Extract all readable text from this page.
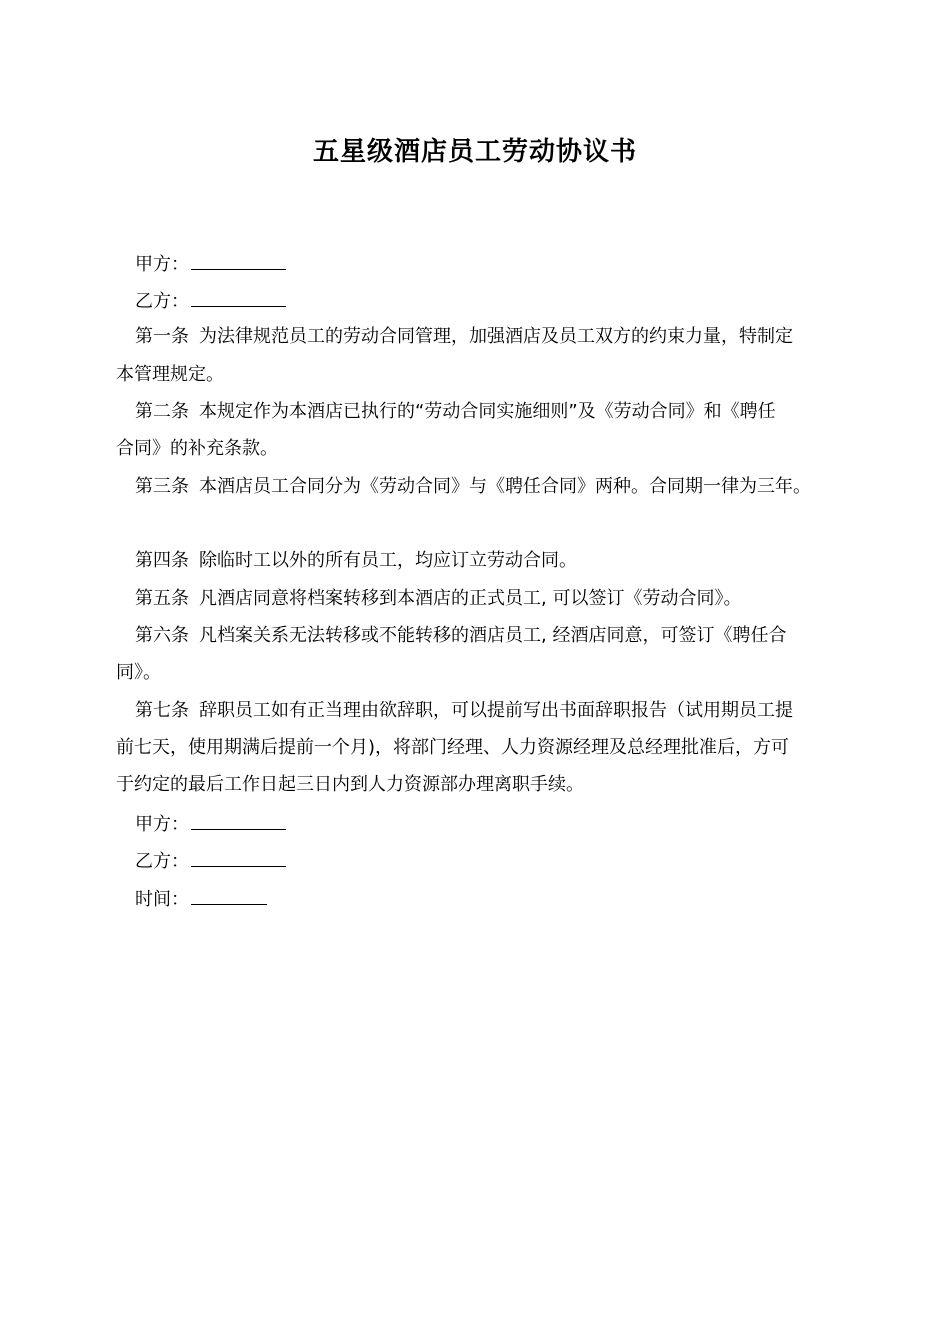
五星级酒店员工劳动协议书
甲方：
乙方：
第一条 为法律规范员工的劳动合同管理，加强酒店及员工双方的约束力量，特制定
本管理规定。
第二条 本规定作为本酒店已执行的“劳动合同实施细则”及《劳动合同》和《聘任
合同》的补充条款。
第三条 本酒店员工合同分为《劳动合同》与《聘任合同》两种。合同期一律为三年。
第四条 除临时工以外的所有员工，均应订立劳动合同。
第五条 凡酒店同意将档案转移到本酒店的正式员工, 可以签订《劳动合同》。
第六条 凡档案关系无法转移或不能转移的酒店员工, 经酒店同意，可签订《聘任合
同》。
第七条 辞职员工如有正当理由欲辞职，可以提前写出书面辞职报告（试用期员工提
前七天，使用期满后提前一个月)，将部门经理、人力资源经理及总经理批准后，方可
于约定的最后工作日起三日内到人力资源部办理离职手续。
甲方：
乙方：
时间：
